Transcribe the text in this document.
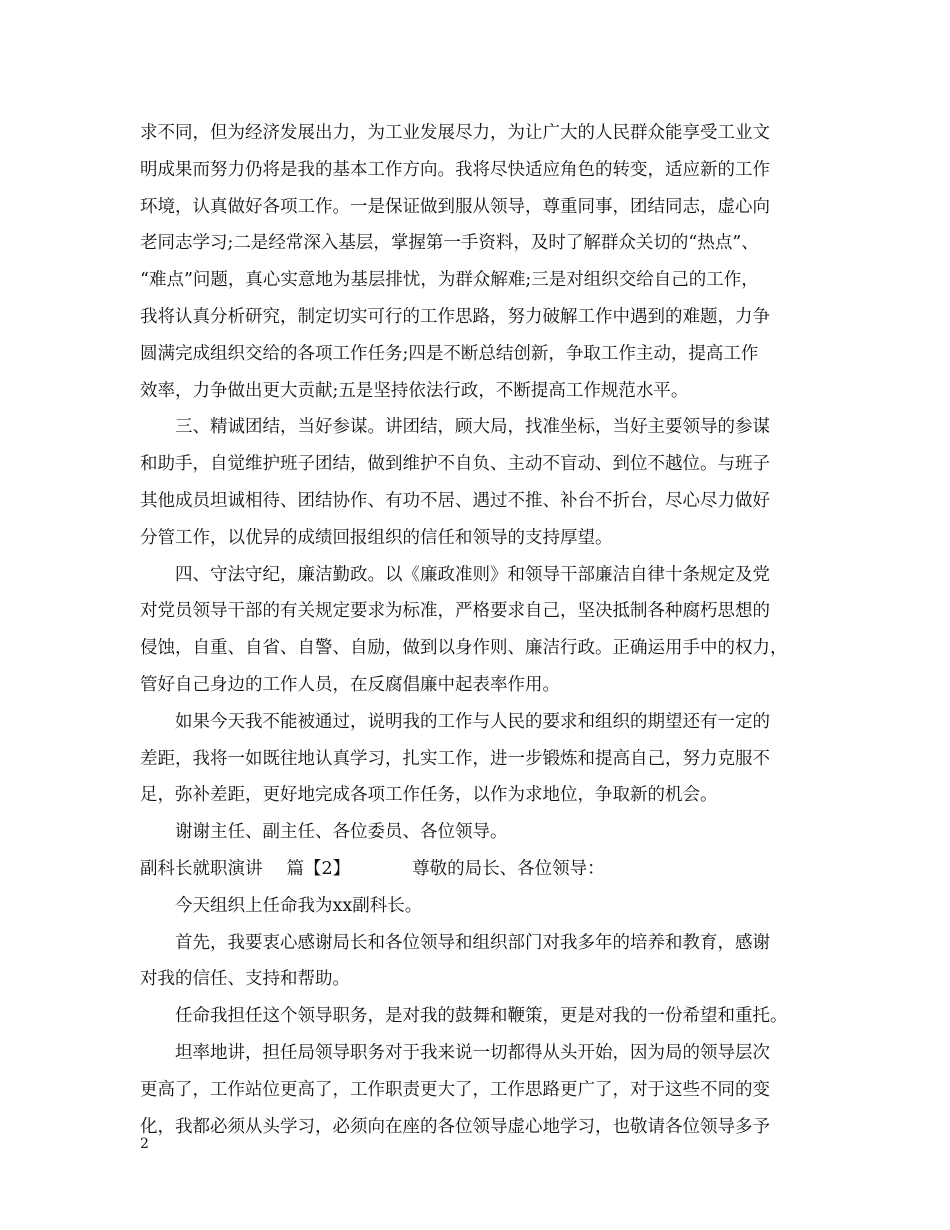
求不同，但为经济发展出力，为工业发展尽力，为让广大的人民群众能享受工业文
明成果而努力仍将是我的基本工作方向。我将尽快适应角色的转变，适应新的工作
环境，认真做好各项工作。一是保证做到服从领导，尊重同事，团结同志，虚心向
老同志学习;二是经常深入基层，掌握第一手资料，及时了解群众关切的“热点”、
“难点”问题，真心实意地为基层排忧，为群众解难;三是对组织交给自己的工作，
我将认真分析研究，制定切实可行的工作思路，努力破解工作中遇到的难题，力争
圆满完成组织交给的各项工作任务;四是不断总结创新，争取工作主动，提高工作
效率，力争做出更大贡献;五是坚持依法行政，不断提高工作规范水平。
三、精诚团结，当好参谋。讲团结，顾大局，找准坐标，当好主要领导的参谋
和助手，自觉维护班子团结，做到维护不自负、主动不盲动、到位不越位。与班子
其他成员坦诚相待、团结协作、有功不居、遇过不推、补台不折台，尽心尽力做好
分管工作，以优异的成绩回报组织的信任和领导的支持厚望。
四、守法守纪，廉洁勤政。以《廉政准则》和领导干部廉洁自律十条规定及党
对党员领导干部的有关规定要求为标准，严格要求自己，坚决抵制各种腐朽思想的
侵蚀，自重、自省、自警、自励，做到以身作则、廉洁行政。正确运用手中的权力，
管好自己身边的工作人员，在反腐倡廉中起表率作用。
如果今天我不能被通过，说明我的工作与人民的要求和组织的期望还有一定的
差距，我将一如既往地认真学习，扎实工作，进一步锻炼和提高自己，努力克服不
足，弥补差距，更好地完成各项工作任务，以作为求地位，争取新的机会。
谢谢主任、副主任、各位委员、各位领导。
副科长就职演讲 篇【2】	尊敬的局长、各位领导：
今天组织上任命我为xx副科长。
首先，我要衷心感谢局长和各位领导和组织部门对我多年的培养和教育，感谢
对我的信任、支持和帮助。
任命我担任这个领导职务，是对我的鼓舞和鞭策，更是对我的一份希望和重托。
坦率地讲，担任局领导职务对于我来说一切都得从头开始，因为局的领导层次
更高了，工作站位更高了，工作职责更大了，工作思路更广了，对于这些不同的变
化，我都必须从头学习，必须向在座的各位领导虚心地学习，也敬请各位领导多予
2
